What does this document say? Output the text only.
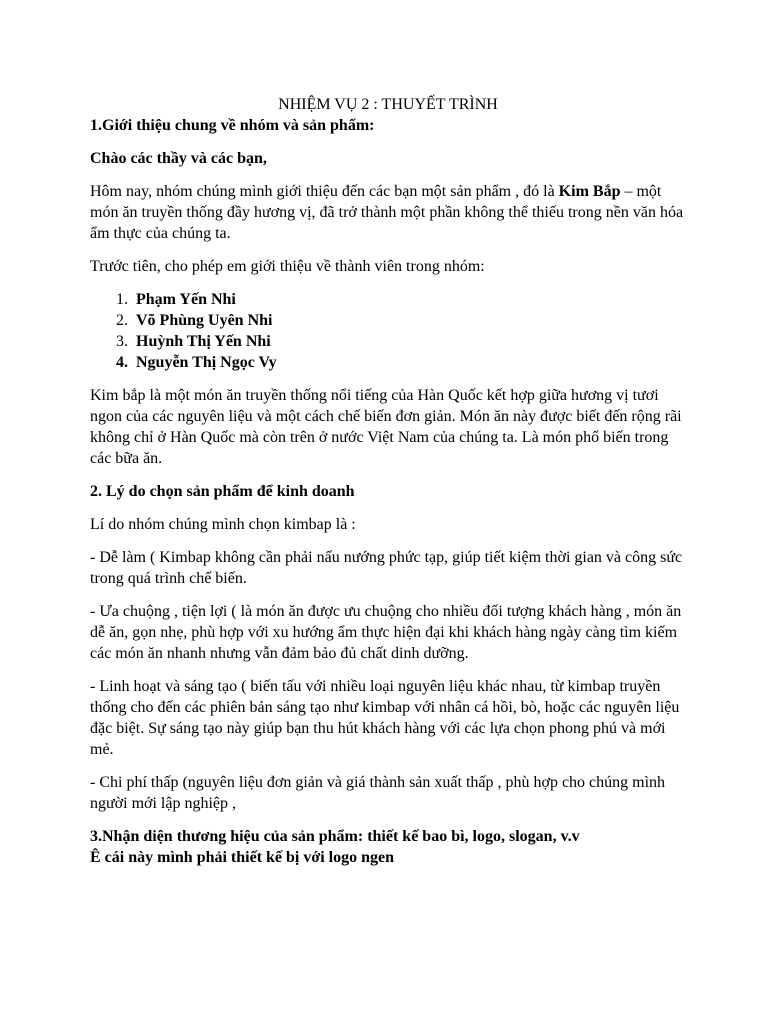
NHIỆM VỤ 2 : THUYẾT TRÌNH

1.Giới thiệu chung về nhóm và sản phẩm:

Chào các thầy và các bạn,

Hôm nay, nhóm chúng mình giới thiệu đến các bạn một sản phẩm , đó là Kim Bắp – một món ăn truyền thống đầy hương vị, đã trở thành một phần không thể thiếu trong nền văn hóa ẩm thực của chúng ta.

Trước tiên, cho phép em giới thiệu về thành viên trong nhóm:

1. Phạm Yến Nhi
2. Võ Phùng Uyên Nhi
3. Huỳnh Thị Yến Nhi
4. Nguyễn Thị Ngọc Vy

Kim bắp là một món ăn truyền thống nổi tiếng của Hàn Quốc kết hợp giữa hương vị tươi ngon của các nguyên liệu và một cách chế biến đơn giản. Món ăn này được biết đến rộng rãi không chỉ ở Hàn Quốc mà còn trên ở nước Việt Nam của chúng ta. Là món phổ biến trong các bữa ăn.

2. Lý do chọn sản phẩm để kinh doanh

Lí do nhóm chúng mình chọn kimbap là :

- Dễ làm ( Kimbap không cần phải nấu nướng phức tạp, giúp tiết kiệm thời gian và công sức trong quá trình chế biến.

- Ưa chuộng , tiện lợi ( là món ăn được ưu chuộng cho nhiều đối tượng khách hàng , món ăn dễ ăn, gọn nhẹ, phù hợp với xu hướng ẩm thực hiện đại khi khách hàng ngày càng tìm kiếm các món ăn nhanh nhưng vẫn đảm bảo đủ chất dinh dưỡng.

- Linh hoạt và sáng tạo ( biến tấu với nhiều loại nguyên liệu khác nhau, từ kimbap truyền thống cho đến các phiên bản sáng tạo như kimbap với nhân cá hồi, bò, hoặc các nguyên liệu đặc biệt. Sự sáng tạo này giúp bạn thu hút khách hàng với các lựa chọn phong phú và mới mẻ.

- Chi phí thấp (nguyên liệu đơn giản và giá thành sản xuất thấp , phù hợp cho chúng mình người mới lập nghiệp ,

3.Nhận diện thương hiệu của sản phẩm: thiết kế bao bì, logo, slogan, v.v

Ê cái này mình phải thiết kế bị với logo ngen
